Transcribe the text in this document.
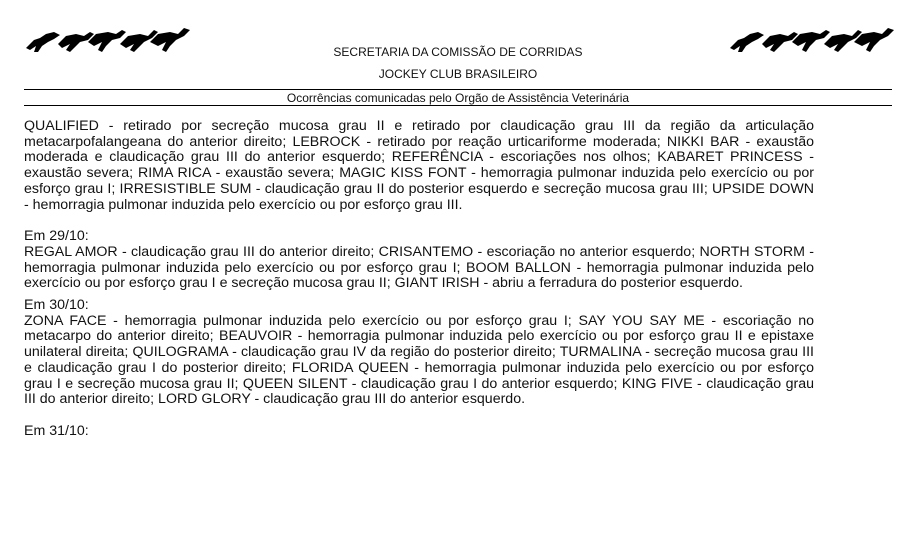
SECRETARIA DA COMISSÃO DE CORRIDAS
JOCKEY CLUB BRASILEIRO
Ocorrências comunicadas pelo Orgão de Assistência Veterinária

QUALIFIED - retirado por secreção mucosa grau II e retirado por claudicação grau III da região da articulação metacarpofalangeana do anterior direito; LEBROCK - retirado por reação urticariforme moderada; NIKKI BAR - exaustão moderada e claudicação grau III do anterior esquerdo; REFERÊNCIA - escoriações nos olhos; KABARET PRINCESS - exaustão severa; RIMA RICA - exaustão severa; MAGIC KISS FONT - hemorragia pulmonar induzida pelo exercício ou por esforço grau I; IRRESISTIBLE SUM - claudicação grau II do posterior esquerdo e secreção mucosa grau III; UPSIDE DOWN - hemorragia pulmonar induzida pelo exercício ou por esforço grau III.

Em 29/10:

REGAL AMOR - claudicação grau III do anterior direito; CRISANTEMO - escoriação no anterior esquerdo; NORTH STORM - hemorragia pulmonar induzida pelo exercício ou por esforço grau I; BOOM BALLON - hemorragia pulmonar induzida pelo exercício ou por esforço grau I e secreção mucosa grau II; GIANT IRISH - abriu a ferradura do posterior esquerdo.

Em 30/10:

ZONA FACE - hemorragia pulmonar induzida pelo exercício ou por esforço grau I; SAY YOU SAY ME - escoriação no metacarpo do anterior direito; BEAUVOIR - hemorragia pulmonar induzida pelo exercício ou por esforço grau II e epistaxe unilateral direita; QUILOGRAMA - claudicação grau IV da região do posterior direito; TURMALINA - secreção mucosa grau III e claudicação grau I do posterior direito; FLORIDA QUEEN - hemorragia pulmonar induzida pelo exercício ou por esforço grau I e secreção mucosa grau II; QUEEN SILENT - claudicação grau I do anterior esquerdo; KING FIVE - claudicação grau III do anterior direito; LORD GLORY - claudicação grau III do anterior esquerdo.

Em 31/10:
